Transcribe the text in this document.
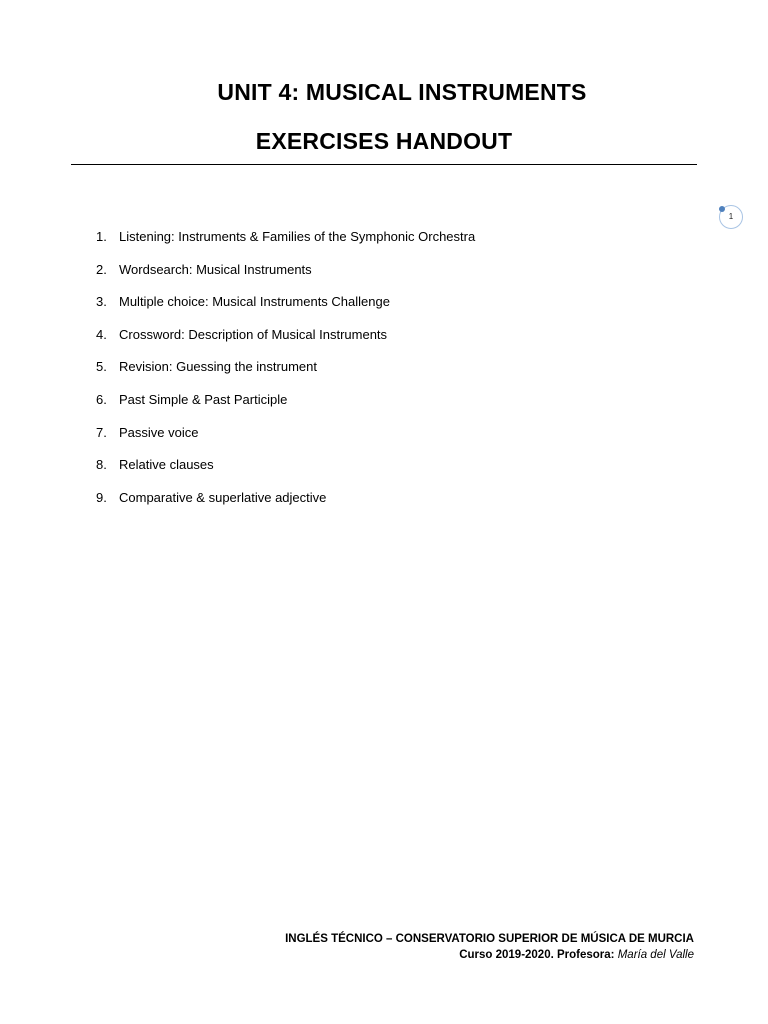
UNIT 4: MUSICAL INSTRUMENTS
EXERCISES HANDOUT
1
1. Listening: Instruments & Families of the Symphonic Orchestra
2. Wordsearch: Musical Instruments
3. Multiple choice: Musical Instruments Challenge
4. Crossword: Description of Musical Instruments
5. Revision: Guessing the instrument
6. Past Simple & Past Participle
7. Passive voice
8. Relative clauses
9. Comparative & superlative adjective
INGLÉS TÉCNICO – CONSERVATORIO SUPERIOR DE MÚSICA DE MURCIA
Curso 2019-2020. Profesora: María del Valle
